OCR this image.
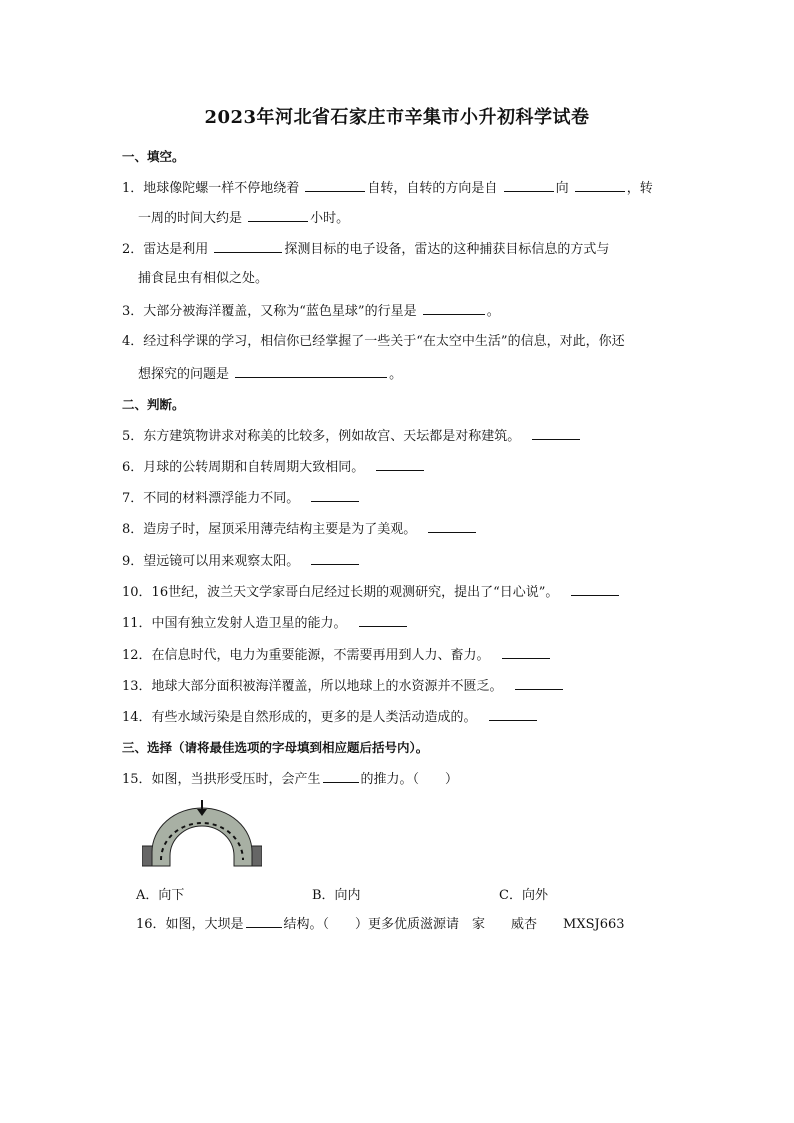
2023年河北省石家庄市辛集市小升初科学试卷
一、填空。
1．地球像陀螺一样不停地绕着	自转，自转的方向是自	向	，转
一周的时间大约是	小时。
2．雷达是利用	探测目标的电子设备，雷达的这种捕获目标信息的方式与
捕食昆虫有相似之处。
3．大部分被海洋覆盖，又称为“蓝色星球”的行星是	。
4．经过科学课的学习，相信你已经掌握了一些关于“在太空中生活”的信息，对此，你还
想探究的问题是	。
二、判断。
5．东方建筑物讲求对称美的比较多，例如故宫、天坛都是对称建筑。
6．月球的公转周期和自转周期大致相同。
7．不同的材料漂浮能力不同。
8．造房子时，屋顶采用薄壳结构主要是为了美观。
9．望远镜可以用来观察太阳。
10．16世纪，波兰天文学家哥白尼经过长期的观测研究，提出了“日心说”。
11．中国有独立发射人造卫星的能力。
12．在信息时代，电力为重要能源，不需要再用到人力、畜力。
13．地球大部分面积被海洋覆盖，所以地球上的水资源并不匮乏。
14．有些水域污染是自然形成的，更多的是人类活动造成的。
三、选择（请将最佳选项的字母填到相应题后括号内）。
15．如图，当拱形受压时，会产生	的推力。（　　）
A．向下	B．向内	C．向外
16．如图，大坝是	结构。（　　）更多优质滋源请　家　　威杏　　MXSJ663
